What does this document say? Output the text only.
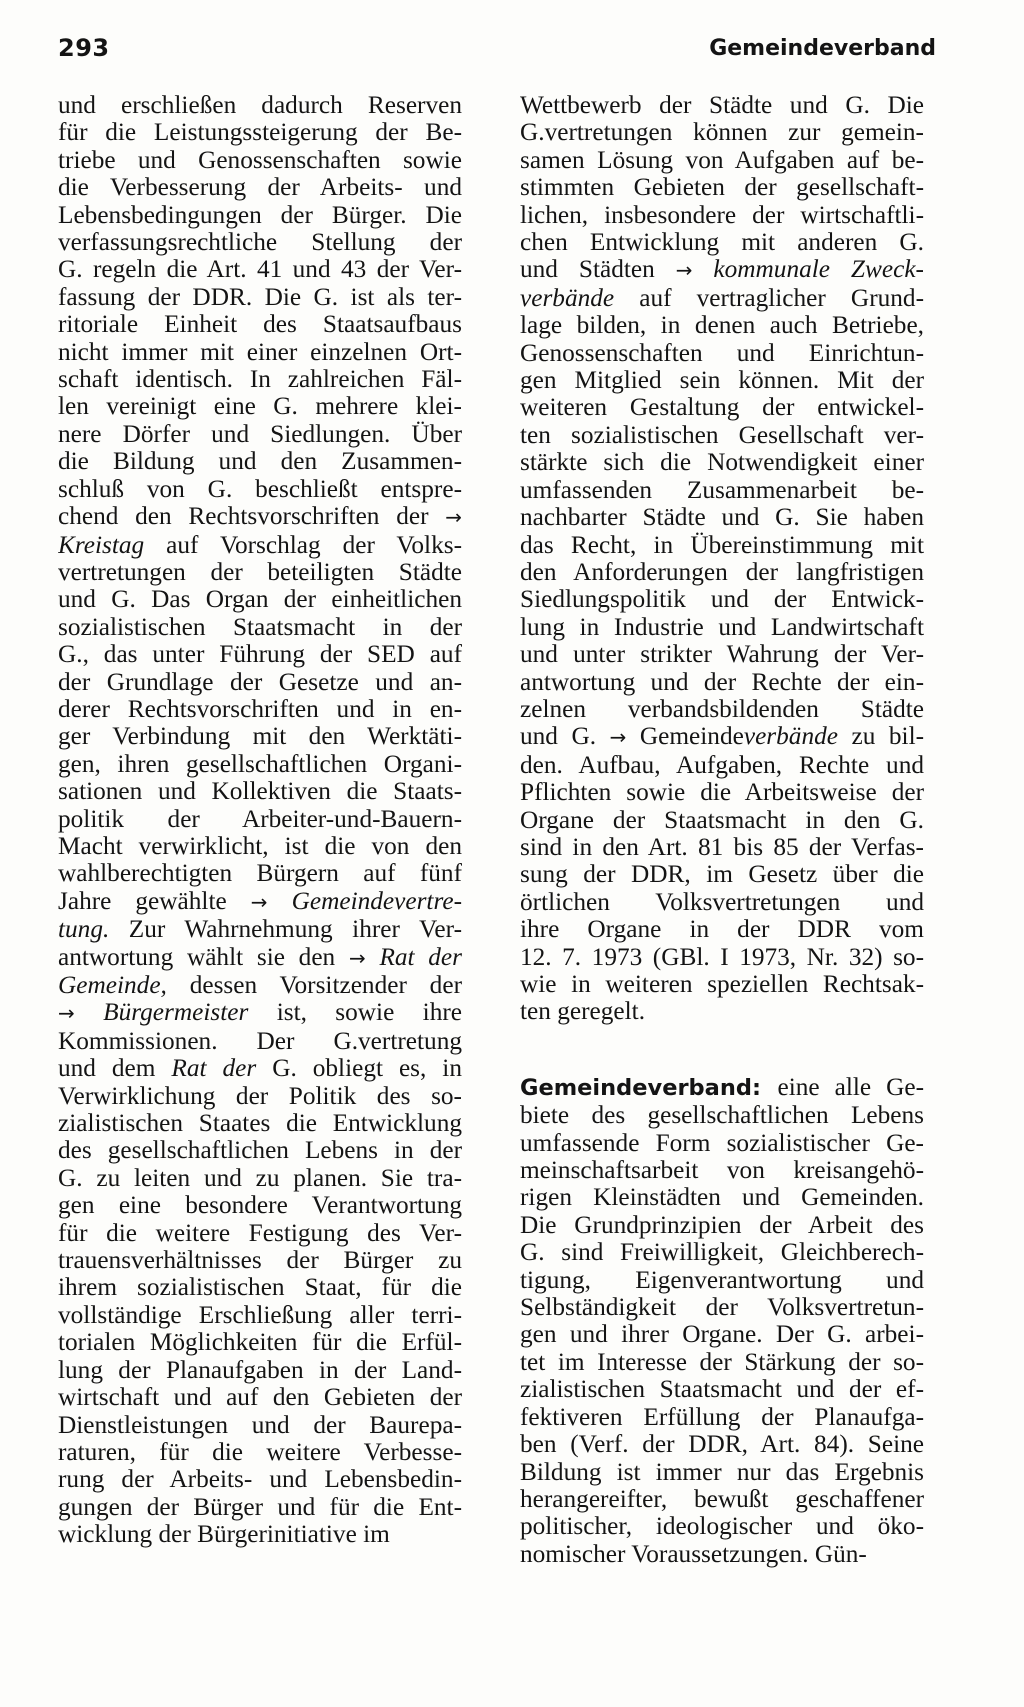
293	Gemeindeverband

und erschließen dadurch Reserven
für die Leistungssteigerung der Be-
triebe und Genossenschaften sowie
die Verbesserung der Arbeits- und
Lebensbedingungen der Bürger. Die
verfassungsrechtliche Stellung der
G. regeln die Art. 41 und 43 der Ver-
fassung der DDR. Die G. ist als ter-
ritoriale Einheit des Staatsaufbaus
nicht immer mit einer einzelnen Ort-
schaft identisch. In zahlreichen Fäl-
len vereinigt eine G. mehrere klei-
nere Dörfer und Siedlungen. Über
die Bildung und den Zusammen-
schluß von G. beschließt entspre-
chend den Rechtsvorschriften der →
Kreistag auf Vorschlag der Volks-
vertretungen der beteiligten Städte
und G. Das Organ der einheitlichen
sozialistischen Staatsmacht in der
G., das unter Führung der SED auf
der Grundlage der Gesetze und an-
derer Rechtsvorschriften und in en-
ger Verbindung mit den Werktäti-
gen, ihren gesellschaftlichen Organi-
sationen und Kollektiven die Staats-
politik der Arbeiter-und-Bauern-
Macht verwirklicht, ist die von den
wahlberechtigten Bürgern auf fünf
Jahre gewählte → Gemeindevertre-
tung. Zur Wahrnehmung ihrer Ver-
antwortung wählt sie den → Rat der
Gemeinde, dessen Vorsitzender der
→ Bürgermeister ist, sowie ihre
Kommissionen. Der G.vertretung
und dem Rat der G. obliegt es, in
Verwirklichung der Politik des so-
zialistischen Staates die Entwicklung
des gesellschaftlichen Lebens in der
G. zu leiten und zu planen. Sie tra-
gen eine besondere Verantwortung
für die weitere Festigung des Ver-
trauensverhältnisses der Bürger zu
ihrem sozialistischen Staat, für die
vollständige Erschließung aller terri-
torialen Möglichkeiten für die Erfül-
lung der Planaufgaben in der Land-
wirtschaft und auf den Gebieten der
Dienstleistungen und der Baurepa-
raturen, für die weitere Verbesse-
rung der Arbeits- und Lebensbedin-
gungen der Bürger und für die Ent-
wicklung der Bürgerinitiative im

Wettbewerb der Städte und G. Die
G.vertretungen können zur gemein-
samen Lösung von Aufgaben auf be-
stimmten Gebieten der gesellschaft-
lichen, insbesondere der wirtschaftli-
chen Entwicklung mit anderen G.
und Städten → kommunale Zweck-
verbände auf vertraglicher Grund-
lage bilden, in denen auch Betriebe,
Genossenschaften und Einrichtun-
gen Mitglied sein können. Mit der
weiteren Gestaltung der entwickel-
ten sozialistischen Gesellschaft ver-
stärkte sich die Notwendigkeit einer
umfassenden Zusammenarbeit be-
nachbarter Städte und G. Sie haben
das Recht, in Übereinstimmung mit
den Anforderungen der langfristigen
Siedlungspolitik und der Entwick-
lung in Industrie und Landwirtschaft
und unter strikter Wahrung der Ver-
antwortung und der Rechte der ein-
zelnen verbandsbildenden Städte
und G. → Gemeindeverbände zu bil-
den. Aufbau, Aufgaben, Rechte und
Pflichten sowie die Arbeitsweise der
Organe der Staatsmacht in den G.
sind in den Art. 81 bis 85 der Verfas-
sung der DDR, im Gesetz über die
örtlichen Volksvertretungen und
ihre Organe in der DDR vom
12. 7. 1973 (GBl. I 1973, Nr. 32) so-
wie in weiteren speziellen Rechtsak-
ten geregelt.

Gemeindeverband: eine alle Ge-
biete des gesellschaftlichen Lebens
umfassende Form sozialistischer Ge-
meinschaftsarbeit von kreisangehö-
rigen Kleinstädten und Gemeinden.
Die Grundprinzipien der Arbeit des
G. sind Freiwilligkeit, Gleichberech-
tigung, Eigenverantwortung und
Selbständigkeit der Volksvertretun-
gen und ihrer Organe. Der G. arbei-
tet im Interesse der Stärkung der so-
zialistischen Staatsmacht und der ef-
fektiveren Erfüllung der Planaufga-
ben (Verf. der DDR, Art. 84). Seine
Bildung ist immer nur das Ergebnis
herangereifter, bewußt geschaffener
politischer, ideologischer und öko-
nomischer Voraussetzungen. Gün-
